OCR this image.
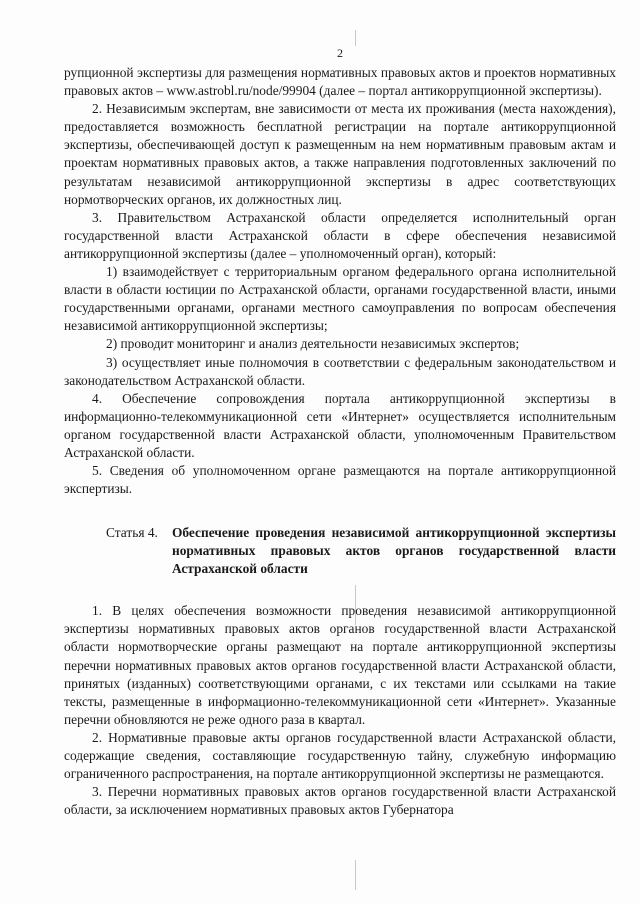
2

рупционной экспертизы для размещения нормативных правовых актов и проектов нормативных правовых актов – www.astrobl.ru/node/99904 (далее – портал антикоррупционной экспертизы).

2. Независимым экспертам, вне зависимости от места их проживания (места нахождения), предоставляется возможность бесплатной регистрации на портале антикоррупционной экспертизы, обеспечивающей доступ к размещенным на нем нормативным правовым актам и проектам нормативных правовых актов, а также направления подготовленных заключений по результатам независимой антикоррупционной экспертизы в адрес соответствующих нормотворческих органов, их должностных лиц.

3. Правительством Астраханской области определяется исполнительный орган государственной власти Астраханской области в сфере обеспечения независимой антикоррупционной экспертизы (далее – уполномоченный орган), который:

1) взаимодействует с территориальным органом федерального органа исполнительной власти в области юстиции по Астраханской области, органами государственной власти, иными государственными органами, органами местного самоуправления по вопросам обеспечения независимой антикоррупционной экспертизы;

2) проводит мониторинг и анализ деятельности независимых экспертов;

3) осуществляет иные полномочия в соответствии с федеральным законодательством и законодательством Астраханской области.

4. Обеспечение сопровождения портала антикоррупционной экспертизы в информационно-телекоммуникационной сети «Интернет» осуществляется исполнительным органом государственной власти Астраханской области, уполномоченным Правительством Астраханской области.

5. Сведения об уполномоченном органе размещаются на портале антикоррупционной экспертизы.

Статья 4.	Обеспечение проведения независимой антикоррупционной экспертизы нормативных правовых актов органов государственной власти Астраханской области

1. В целях обеспечения возможности проведения независимой антикоррупционной экспертизы нормативных правовых актов органов государственной власти Астраханской области нормотворческие органы размещают на портале антикоррупционной экспертизы перечни нормативных правовых актов органов государственной власти Астраханской области, принятых (изданных) соответствующими органами, с их текстами или ссылками на такие тексты, размещенные в информационно-телекоммуникационной сети «Интернет». Указанные перечни обновляются не реже одного раза в квартал.

2. Нормативные правовые акты органов государственной власти Астраханской области, содержащие сведения, составляющие государственную тайну, служебную информацию ограниченного распространения, на портале антикоррупционной экспертизы не размещаются.

3. Перечни нормативных правовых актов органов государственной власти Астраханской области, за исключением нормативных правовых актов Губернатора
